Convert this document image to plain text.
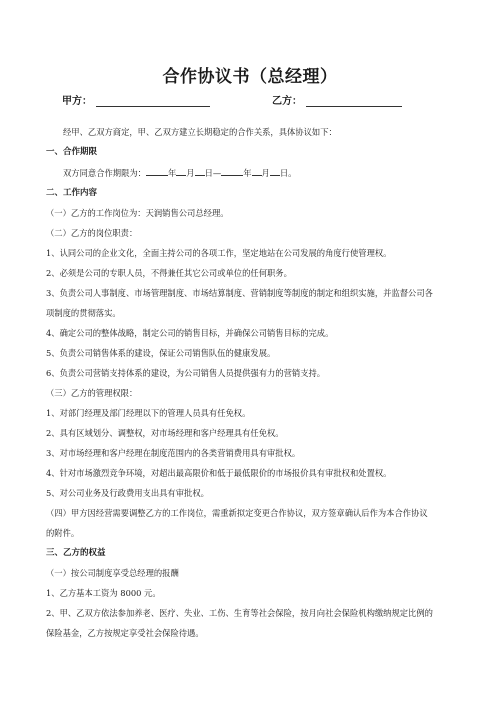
合作协议书（总经理）
甲方：	乙方：

经甲、乙双方商定，甲、乙双方建立长期稳定的合作关系，具体协议如下：

一、合作期限

双方同意合作期限为：	年 月 日—	年 月 日。

二、工作内容

（一）乙方的工作岗位为：天润销售公司总经理。

（二）乙方的岗位职责：

1、认同公司的企业文化，全面主持公司的各项工作，坚定地站在公司发展的角度行使管理权。

2、必须是公司的专职人员，不得兼任其它公司或单位的任何职务。

3、负责公司人事制度、市场管理制度、市场结算制度、营销制度等制度的制定和组织实施，并监督公司各

项制度的贯彻落实。

4、确定公司的整体战略，制定公司的销售目标，并确保公司销售目标的完成。

5、负责公司销售体系的建设，保证公司销售队伍的健康发展。

6、负责公司营销支持体系的建设，为公司销售人员提供强有力的营销支持。

（三）乙方的管理权限：

1、对部门经理及部门经理以下的管理人员具有任免权。

2、具有区域划分、调整权，对市场经理和客户经理具有任免权。

3、对市场经理和客户经理在制度范围内的各类营销费用具有审批权。

4、针对市场激烈竞争环境，对超出最高限价和低于最低限价的市场报价具有审批权和处置权。

5、对公司业务及行政费用支出具有审批权。

（四）甲方因经营需要调整乙方的工作岗位，需重新拟定变更合作协议，双方签章确认后作为本合作协议

的附件。

三、乙方的权益

（一）按公司制度享受总经理的报酬

1、乙方基本工资为 8000 元。

2、甲、乙双方依法参加养老、医疗、失业、工伤、生育等社会保险，按月向社会保险机构缴纳规定比例的

保险基金，乙方按规定享受社会保险待遇。
